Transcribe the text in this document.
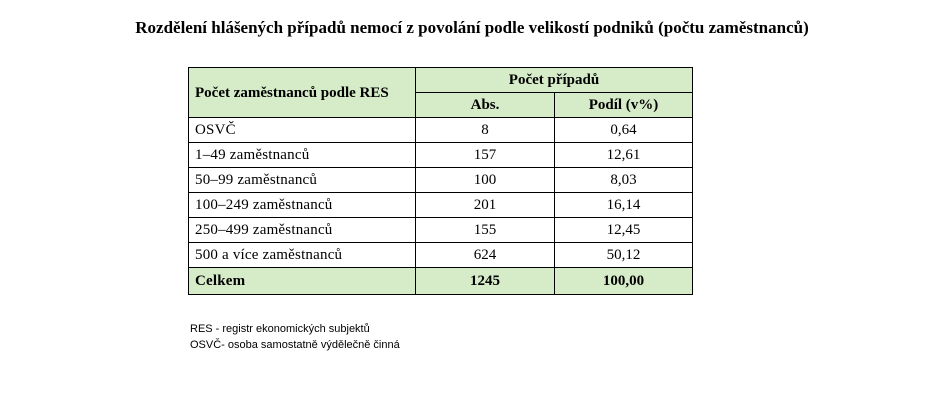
Rozdělení hlášených případů nemocí z povolání podle velikostí podniků (počtu zaměstnanců)
Počet zaměstnanců podle RES	Počet případů	
	Abs.	Podíl (v%)
OSVČ	8	0,64
1–49 zaměstnanců	157	12,61
50–99 zaměstnanců	100	8,03
100–249 zaměstnanců	201	16,14
250–499 zaměstnanců	155	12,45
500 a více zaměstnanců	624	50,12
Celkem	1245	100,00
RES - registr ekonomických subjektů
OSVČ- osoba samostatně výdělečně činná
